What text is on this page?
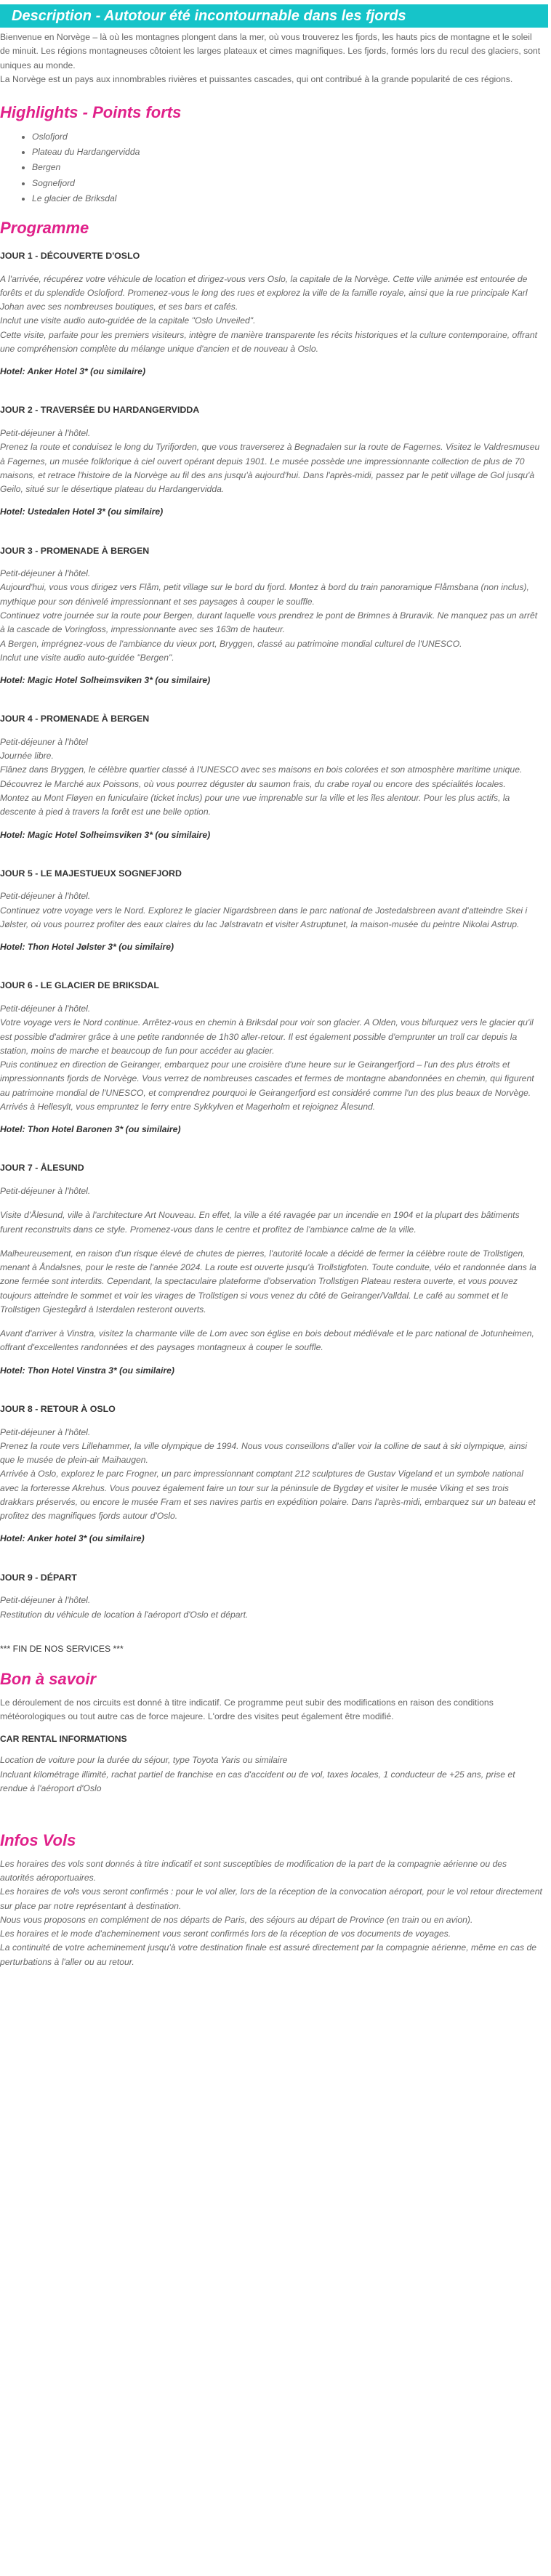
Description - Autotour été incontournable dans les fjords
Bienvenue en Norvège – là où les montagnes plongent dans la mer, où vous trouverez les fjords, les hauts pics de montagne et le soleil de minuit. Les régions montagneuses côtoient les larges plateaux et cimes magnifiques. Les fjords, formés lors du recul des glaciers, sont uniques au monde.
La Norvège est un pays aux innombrables rivières et puissantes cascades, qui ont contribué à la grande popularité de ces régions.
Highlights - Points forts
• Oslofjord
• Plateau du Hardangervidda
• Bergen
• Sognefjord
• Le glacier de Briksdal
Programme
JOUR 1 - DÉCOUVERTE D'OSLO
A l'arrivée, récupérez votre véhicule de location et dirigez-vous vers Oslo, la capitale de la Norvège. Cette ville animée est entourée de forêts et du splendide Oslofjord. Promenez-vous le long des rues et explorez la ville de la famille royale, ainsi que la rue principale Karl Johan avec ses nombreuses boutiques, et ses bars et cafés.
Inclut une visite audio auto-guidée de la capitale "Oslo Unveiled".
Cette visite, parfaite pour les premiers visiteurs, intègre de manière transparente les récits historiques et la culture contemporaine, offrant une compréhension complète du mélange unique d'ancien et de nouveau à Oslo.
Hotel: Anker Hotel 3* (ou similaire)
JOUR 2 - TRAVERSÉE DU HARDANGERVIDDA
Petit-déjeuner à l'hôtel.
Prenez la route et conduisez le long du Tyrifjorden, que vous traverserez à Begnadalen sur la route de Fagernes. Visitez le Valdresmuseu à Fagernes, un musée folklorique à ciel ouvert opérant depuis 1901. Le musée possède une impressionnante collection de plus de 70 maisons, et retrace l'histoire de la Norvège au fil des ans jusqu'à aujourd'hui. Dans l'après-midi, passez par le petit village de Gol jusqu'à Geilo, situé sur le désertique plateau du Hardangervidda.
Hotel: Ustedalen Hotel 3* (ou similaire)
JOUR 3 - PROMENADE À BERGEN
Petit-déjeuner à l'hôtel.
Aujourd'hui, vous vous dirigez vers Flåm, petit village sur le bord du fjord. Montez à bord du train panoramique Flåmsbana (non inclus), mythique pour son dénivelé impressionnant et ses paysages à couper le souffle.
Continuez votre journée sur la route pour Bergen, durant laquelle vous prendrez le pont de Brimnes à Bruravik. Ne manquez pas un arrêt à la cascade de Voringfoss, impressionnante avec ses 163m de hauteur.
A Bergen, imprégnez-vous de l'ambiance du vieux port, Bryggen, classé au patrimoine mondial culturel de l'UNESCO.
Inclut une visite audio auto-guidée "Bergen".
Hotel: Magic Hotel Solheimsviken 3* (ou similaire)
JOUR 4 - PROMENADE À BERGEN
Petit-déjeuner à l'hôtel
Journée libre.
Flânez dans Bryggen, le célèbre quartier classé à l'UNESCO avec ses maisons en bois colorées et son atmosphère maritime unique.
Découvrez le Marché aux Poissons, où vous pourrez déguster du saumon frais, du crabe royal ou encore des spécialités locales.
Montez au Mont Fløyen en funiculaire (ticket inclus) pour une vue imprenable sur la ville et les îles alentour. Pour les plus actifs, la descente à pied à travers la forêt est une belle option.
Hotel: Magic Hotel Solheimsviken 3* (ou similaire)
JOUR 5 - LE MAJESTUEUX SOGNEFJORD
Petit-déjeuner à l'hôtel.
Continuez votre voyage vers le Nord. Explorez le glacier Nigardsbreen dans le parc national de Jostedalsbreen avant d'atteindre Skei i Jølster, où vous pourrez profiter des eaux claires du lac Jølstravatn et visiter Astruptunet, la maison-musée du peintre Nikolai Astrup.
Hotel: Thon Hotel Jølster 3* (ou similaire)
JOUR 6 - LE GLACIER DE BRIKSDAL
Petit-déjeuner à l'hôtel.
Votre voyage vers le Nord continue. Arrêtez-vous en chemin à Briksdal pour voir son glacier. A Olden, vous bifurquez vers le glacier qu'il est possible d'admirer grâce à une petite randonnée de 1h30 aller-retour. Il est également possible d'emprunter un troll car depuis la station, moins de marche et beaucoup de fun pour accéder au glacier.
Puis continuez en direction de Geiranger, embarquez pour une croisière d'une heure sur le Geirangerfjord – l'un des plus étroits et impressionnants fjords de Norvège. Vous verrez de nombreuses cascades et fermes de montagne abandonnées en chemin, qui figurent au patrimoine mondial de l'UNESCO, et comprendrez pourquoi le Geirangerfjord est considéré comme l'un des plus beaux de Norvège.
Arrivés à Hellesylt, vous empruntez le ferry entre Sykkylven et Magerholm et rejoignez Ålesund.
Hotel: Thon Hotel Baronen 3* (ou similaire)
JOUR 7 - ÅLESUND
Petit-déjeuner à l'hôtel.
Visite d'Ålesund, ville à l'architecture Art Nouveau. En effet, la ville a été ravagée par un incendie en 1904 et la plupart des bâtiments furent reconstruits dans ce style. Promenez-vous dans le centre et profitez de l'ambiance calme de la ville.
Malheureusement, en raison d'un risque élevé de chutes de pierres, l'autorité locale a décidé de fermer la célèbre route de Trollstigen, menant à Åndalsnes, pour le reste de l'année 2024. La route est ouverte jusqu'à Trollstigfoten. Toute conduite, vélo et randonnée dans la zone fermée sont interdits. Cependant, la spectaculaire plateforme d'observation Trollstigen Plateau restera ouverte, et vous pouvez toujours atteindre le sommet et voir les virages de Trollstigen si vous venez du côté de Geiranger/Valldal. Le café au sommet et le Trollstigen Gjestegård à Isterdalen resteront ouverts.
Avant d'arriver à Vinstra, visitez la charmante ville de Lom avec son église en bois debout médiévale et le parc national de Jotunheimen, offrant d'excellentes randonnées et des paysages montagneux à couper le souffle.
Hotel: Thon Hotel Vinstra 3* (ou similaire)
JOUR 8 - RETOUR À OSLO
Petit-déjeuner à l'hôtel.
Prenez la route vers Lillehammer, la ville olympique de 1994. Nous vous conseillons d'aller voir la colline de saut à ski olympique, ainsi que le musée de plein-air Maihaugen.
Arrivée à Oslo, explorez le parc Frogner, un parc impressionnant comptant 212 sculptures de Gustav Vigeland et un symbole national avec la forteresse Akrehus. Vous pouvez également faire un tour sur la péninsule de Bygdøy et visiter le musée Viking et ses trois drakkars préservés, ou encore le musée Fram et ses navires partis en expédition polaire. Dans l'après-midi, embarquez sur un bateau et profitez des magnifiques fjords autour d'Oslo.
Hotel: Anker hotel 3* (ou similaire)
JOUR 9 - DÉPART
Petit-déjeuner à l'hôtel.
Restitution du véhicule de location à l'aéroport d'Oslo et départ.
*** FIN DE NOS SERVICES ***
Bon à savoir
Le déroulement de nos circuits est donné à titre indicatif. Ce programme peut subir des modifications en raison des conditions météorologiques ou tout autre cas de force majeure. L'ordre des visites peut également être modifié.
CAR RENTAL INFORMATIONS
Location de voiture pour la durée du séjour, type Toyota Yaris ou similaire
Incluant kilométrage illimité, rachat partiel de franchise en cas d'accident ou de vol, taxes locales, 1 conducteur de +25 ans, prise et rendue à l'aéroport d'Oslo
Infos Vols
Les horaires des vols sont donnés à titre indicatif et sont susceptibles de modification de la part de la compagnie aérienne ou des autorités aéroportuaires.
Les horaires de vols vous seront confirmés : pour le vol aller, lors de la réception de la convocation aéroport, pour le vol retour directement sur place par notre représentant à destination.
Nous vous proposons en complément de nos départs de Paris, des séjours au départ de Province (en train ou en avion).
Les horaires et le mode d'acheminement vous seront confirmés lors de la réception de vos documents de voyages.
La continuité de votre acheminement jusqu'à votre destination finale est assuré directement par la compagnie aérienne, même en cas de perturbations à l'aller ou au retour.
